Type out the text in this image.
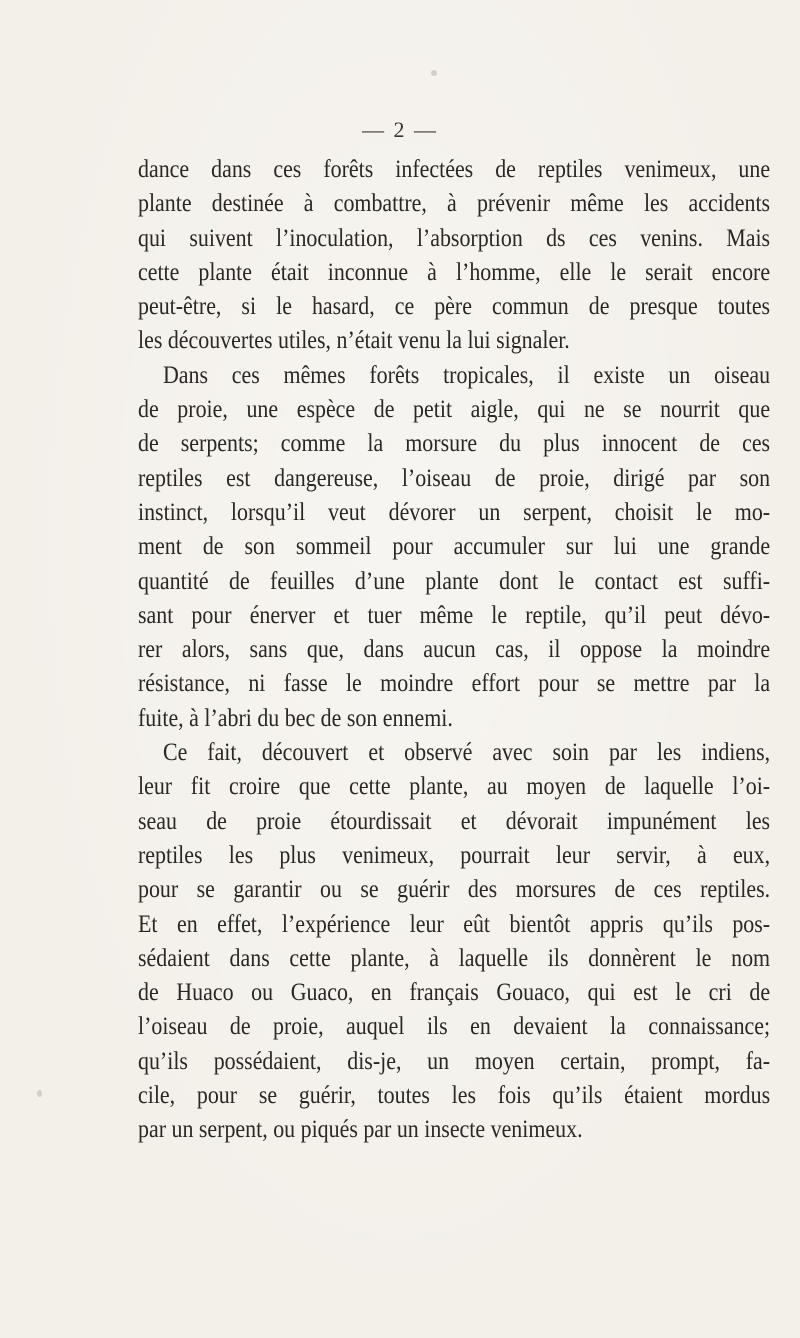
— 2 —
dance dans ces forêts infectées de reptiles venimeux, une
plante destinée à combattre, à prévenir même les accidents
qui suivent l’inoculation, l’absorption ds ces venins. Mais
cette plante était inconnue à l’homme, elle le serait encore
peut-être, si le hasard, ce père commun de presque toutes
les découvertes utiles, n’était venu la lui signaler.
Dans ces mêmes forêts tropicales, il existe un oiseau
de proie, une espèce de petit aigle, qui ne se nourrit que
de serpents; comme la morsure du plus innocent de ces
reptiles est dangereuse, l’oiseau de proie, dirigé par son
instinct, lorsqu’il veut dévorer un serpent, choisit le mo-
ment de son sommeil pour accumuler sur lui une grande
quantité de feuilles d’une plante dont le contact est suffi-
sant pour énerver et tuer même le reptile, qu’il peut dévo-
rer alors, sans que, dans aucun cas, il oppose la moindre
résistance, ni fasse le moindre effort pour se mettre par la
fuite, à l’abri du bec de son ennemi.
Ce fait, découvert et observé avec soin par les indiens,
leur fit croire que cette plante, au moyen de laquelle l’oi-
seau de proie étourdissait et dévorait impunément les
reptiles les plus venimeux, pourrait leur servir, à eux,
pour se garantir ou se guérir des morsures de ces reptiles.
Et en effet, l’expérience leur eût bientôt appris qu’ils pos-
sédaient dans cette plante, à laquelle ils donnèrent le nom
de Huaco ou Guaco, en français Gouaco, qui est le cri de
l’oiseau de proie, auquel ils en devaient la connaissance;
qu’ils possédaient, dis-je, un moyen certain, prompt, fa-
cile, pour se guérir, toutes les fois qu’ils étaient mordus
par un serpent, ou piqués par un insecte venimeux.
